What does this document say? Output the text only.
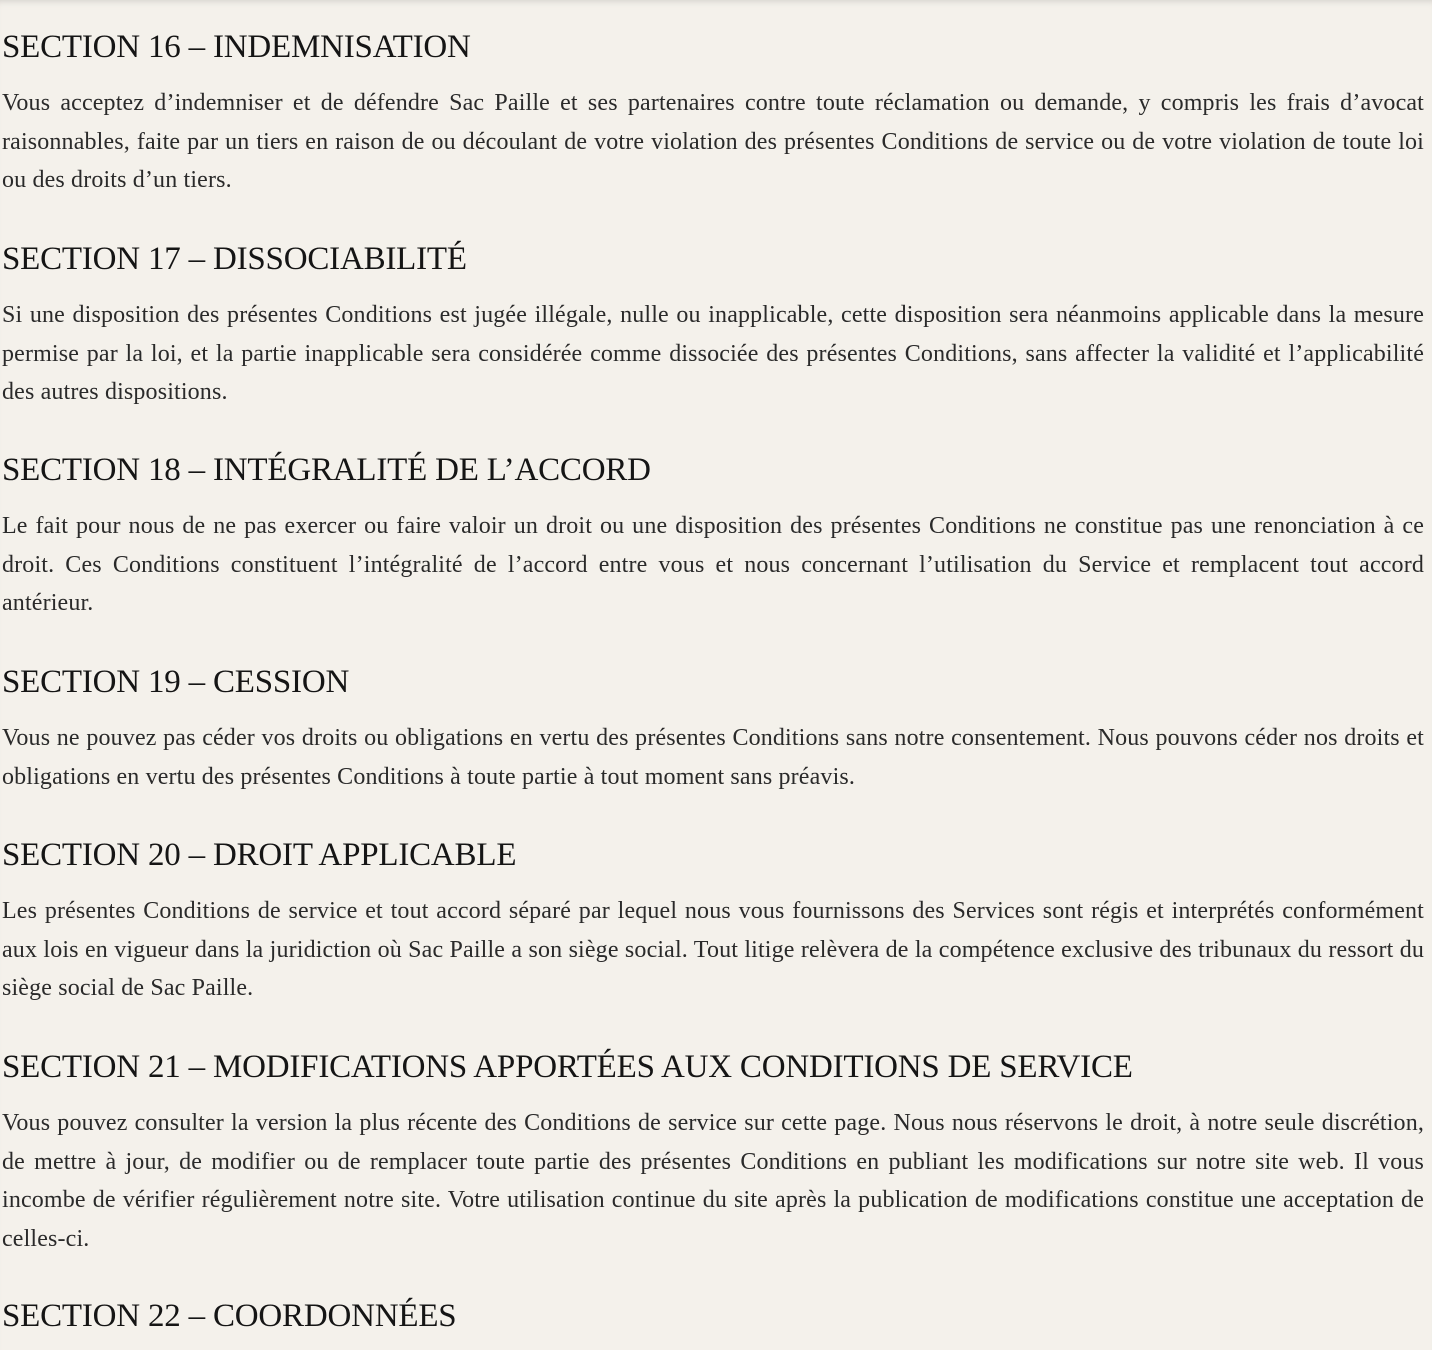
SECTION 16 – INDEMNISATION

Vous acceptez d’indemniser et de défendre Sac Paille et ses partenaires contre toute réclamation ou demande, y compris les frais d’avocat raisonnables, faite par un tiers en raison de ou découlant de votre violation des présentes Conditions de service ou de votre violation de toute loi ou des droits d’un tiers.

SECTION 17 – DISSOCIABILITÉ

Si une disposition des présentes Conditions est jugée illégale, nulle ou inapplicable, cette disposition sera néanmoins applicable dans la mesure permise par la loi, et la partie inapplicable sera considérée comme dissociée des présentes Conditions, sans affecter la validité et l’applicabilité des autres dispositions.

SECTION 18 – INTÉGRALITÉ DE L’ACCORD

Le fait pour nous de ne pas exercer ou faire valoir un droit ou une disposition des présentes Conditions ne constitue pas une renonciation à ce droit. Ces Conditions constituent l’intégralité de l’accord entre vous et nous concernant l’utilisation du Service et remplacent tout accord antérieur.

SECTION 19 – CESSION

Vous ne pouvez pas céder vos droits ou obligations en vertu des présentes Conditions sans notre consentement. Nous pouvons céder nos droits et obligations en vertu des présentes Conditions à toute partie à tout moment sans préavis.

SECTION 20 – DROIT APPLICABLE

Les présentes Conditions de service et tout accord séparé par lequel nous vous fournissons des Services sont régis et interprétés conformément aux lois en vigueur dans la juridiction où Sac Paille a son siège social. Tout litige relèvera de la compétence exclusive des tribunaux du ressort du siège social de Sac Paille.

SECTION 21 – MODIFICATIONS APPORTÉES AUX CONDITIONS DE SERVICE

Vous pouvez consulter la version la plus récente des Conditions de service sur cette page. Nous nous réservons le droit, à notre seule discrétion, de mettre à jour, de modifier ou de remplacer toute partie des présentes Conditions en publiant les modifications sur notre site web. Il vous incombe de vérifier régulièrement notre site. Votre utilisation continue du site après la publication de modifications constitue une acceptation de celles-ci.

SECTION 22 – COORDONNÉES
